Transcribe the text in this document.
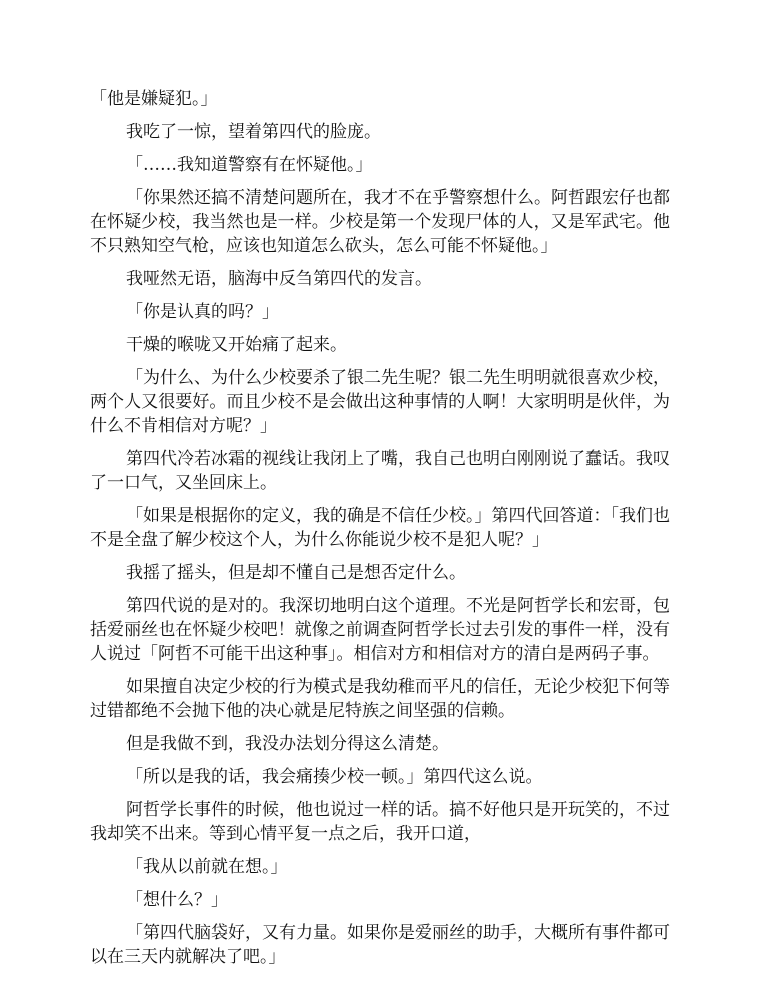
「他是嫌疑犯。」

我吃了一惊，望着第四代的脸庞。

「……我知道警察有在怀疑他。」

「你果然还搞不清楚问题所在，我才不在乎警察想什么。阿哲跟宏仔也都在怀疑少校，我当然也是一样。少校是第一个发现尸体的人，又是军武宅。他不只熟知空气枪，应该也知道怎么砍头，怎么可能不怀疑他。」

我哑然无语，脑海中反刍第四代的发言。

「你是认真的吗？」

干燥的喉咙又开始痛了起来。

「为什么、为什么少校要杀了银二先生呢？银二先生明明就很喜欢少校，两个人又很要好。而且少校不是会做出这种事情的人啊！大家明明是伙伴，为什么不肯相信对方呢？」

第四代冷若冰霜的视线让我闭上了嘴，我自己也明白刚刚说了蠢话。我叹了一口气，又坐回床上。

「如果是根据你的定义，我的确是不信任少校。」第四代回答道：「我们也不是全盘了解少校这个人，为什么你能说少校不是犯人呢？」

我摇了摇头，但是却不懂自己是想否定什么。

第四代说的是对的。我深切地明白这个道理。不光是阿哲学长和宏哥，包括爱丽丝也在怀疑少校吧！就像之前调查阿哲学长过去引发的事件一样，没有人说过「阿哲不可能干出这种事」。相信对方和相信对方的清白是两码子事。

如果擅自决定少校的行为模式是我幼稚而平凡的信任，无论少校犯下何等过错都绝不会抛下他的决心就是尼特族之间坚强的信赖。

但是我做不到，我没办法划分得这么清楚。

「所以是我的话，我会痛揍少校一顿。」第四代这么说。

阿哲学长事件的时候，他也说过一样的话。搞不好他只是开玩笑的，不过我却笑不出来。等到心情平复一点之后，我开口道，

「我从以前就在想。」

「想什么？」

「第四代脑袋好，又有力量。如果你是爱丽丝的助手，大概所有事件都可以在三天内就解决了吧。」
